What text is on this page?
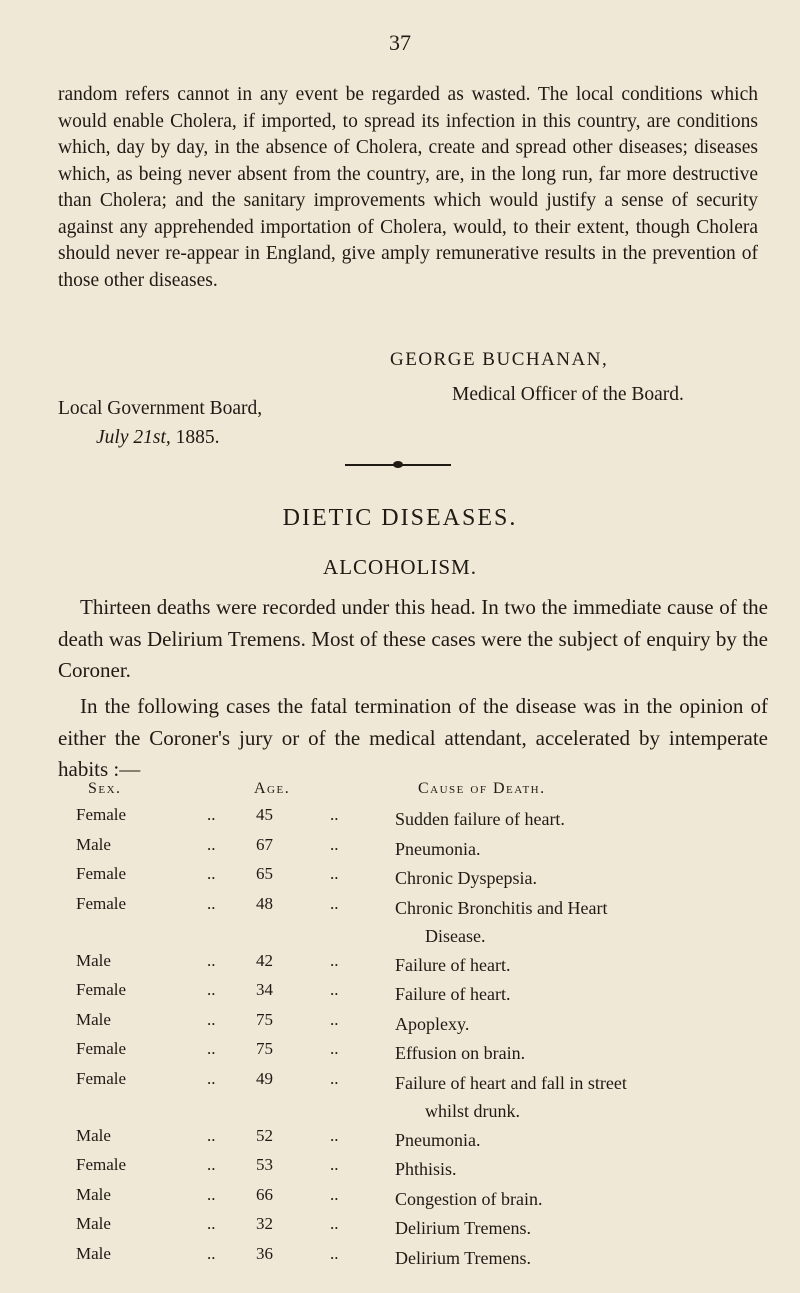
37
random refers cannot in any event be regarded as wasted. The local conditions which would enable Cholera, if imported, to spread its infection in this country, are conditions which, day by day, in the absence of Cholera, create and spread other diseases; diseases which, as being never absent from the country, are, in the long run, far more destructive than Cholera; and the sanitary improvements which would justify a sense of security against any apprehended importation of Cholera, would, to their extent, though Cholera should never re-appear in England, give amply remunerative results in the prevention of those other diseases.
GEORGE BUCHANAN,
Medical Officer of the Board.
Local Government Board,
July 21st, 1885.
DIETIC DISEASES.
ALCOHOLISM.

Thirteen deaths were recorded under this head. In two the immediate cause of the death was Delirium Tremens. Most of these cases were the subject of enquiry by the Coroner.

In the following cases the fatal termination of the disease was in the opinion of either the Coroner's jury or of the medical attendant, accelerated by intemperate habits :—

Sex.	Age.	Cause of Death.
Female	.. 45	..	Sudden failure of heart.
Male	.. 67	..	Pneumonia.
Female	.. 65	..	Chronic Dyspepsia.
Female	.. 48	..	Chronic Bronchitis and Heart
Disease.
Male	.. 42	..	Failure of heart.
Female	.. 34	..	Failure of heart.
Male	.. 75	..	Apoplexy.
Female	.. 75	..	Effusion on brain.
Female	.. 49	..	Failure of heart and fall in street
whilst drunk.
Male	.. 52	..	Pneumonia.
Female	.. 53	..	Phthisis.
Male	.. 66	..	Congestion of brain.
Male	.. 32	..	Delirium Tremens.
Male	.. 36	..	Delirium Tremens.
